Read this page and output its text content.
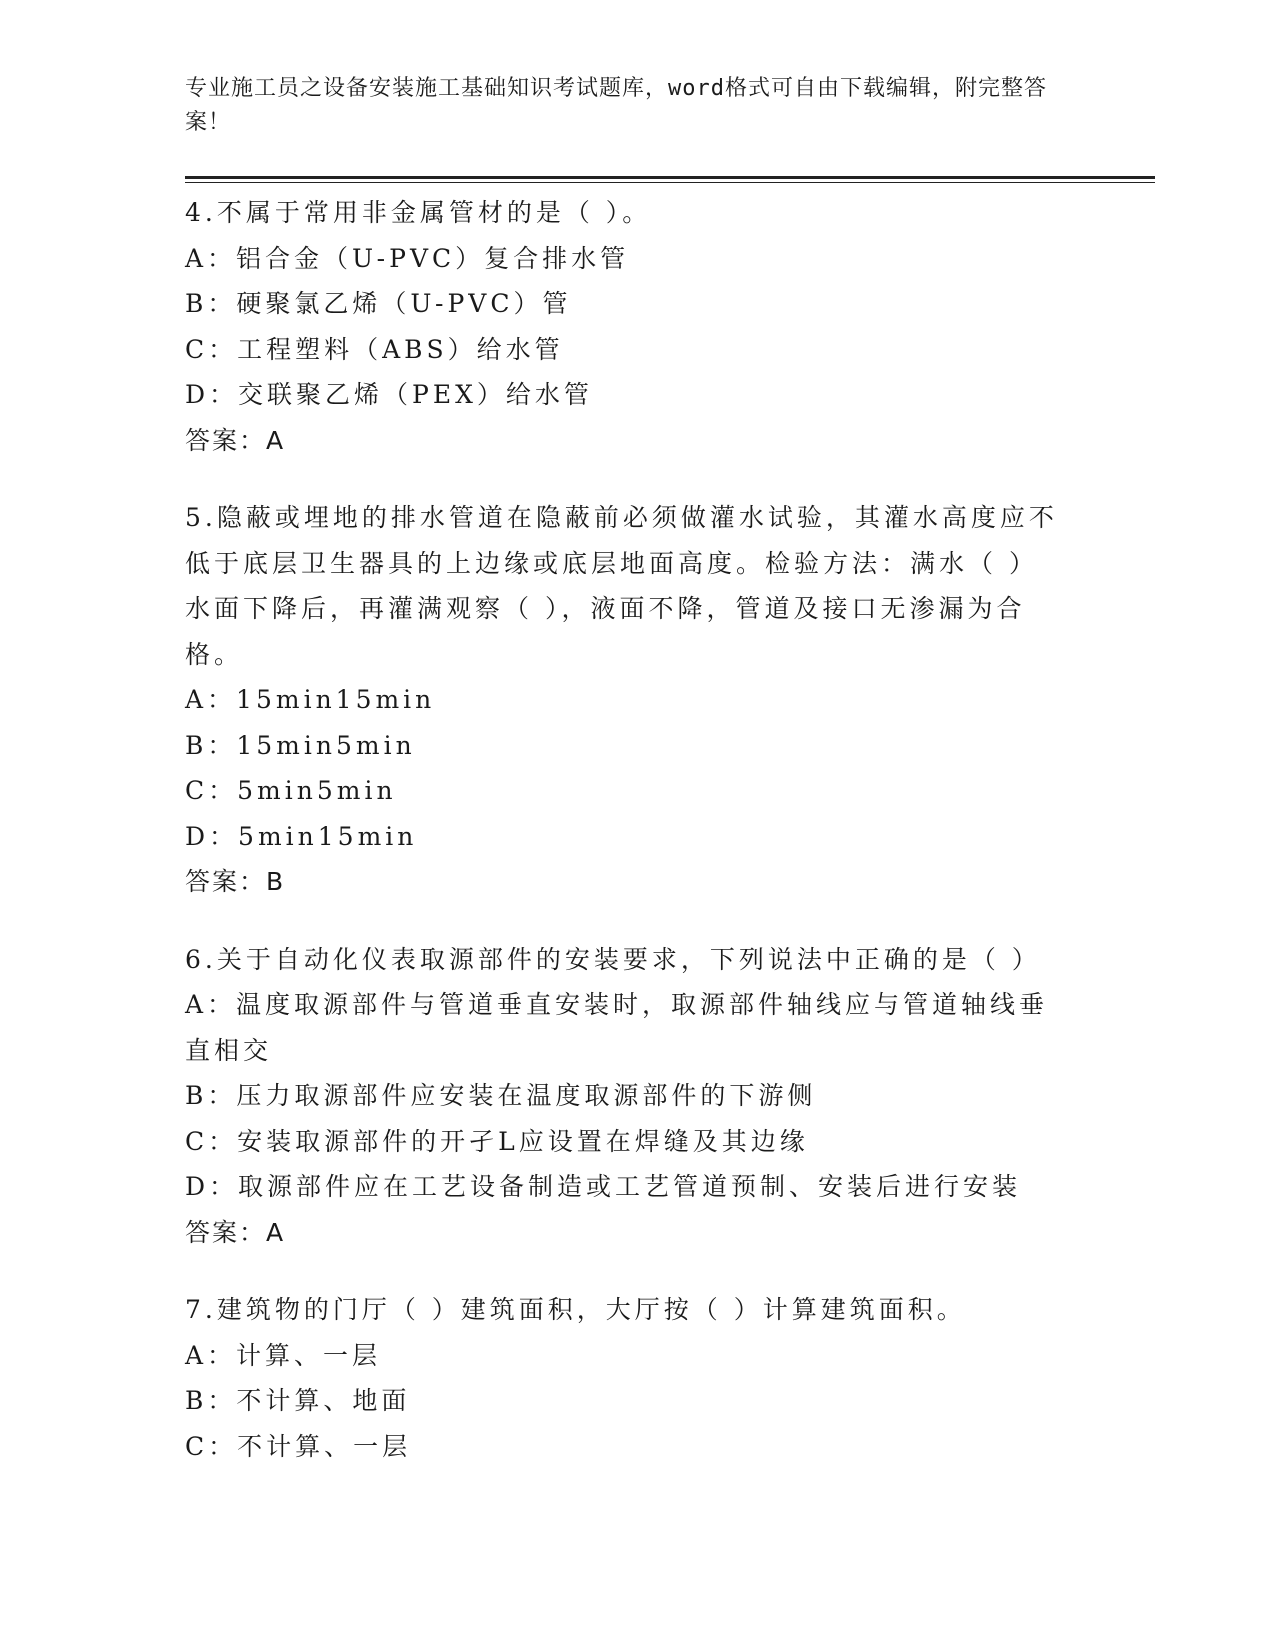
专业施工员之设备安装施工基础知识考试题库，word格式可自由下载编辑，附完整答案！
4.不属于常用非金属管材的是（ ）。
A：铝合金（U-PVC）复合排水管
B：硬聚氯乙烯（U-PVC）管
C：工程塑料（ABS）给水管
D：交联聚乙烯（PEX）给水管
答案：A
5.隐蔽或埋地的排水管道在隐蔽前必须做灌水试验，其灌水高度应不低于底层卫生器具的上边缘或底层地面高度。检验方法：满水（ ）水面下降后，再灌满观察（ ），液面不降，管道及接口无渗漏为合格。
A：15min15min
B：15min5min
C：5min5min
D：5min15min
答案：B
6.关于自动化仪表取源部件的安装要求，下列说法中正确的是（ ）
A：温度取源部件与管道垂直安装时，取源部件轴线应与管道轴线垂直相交
B：压力取源部件应安装在温度取源部件的下游侧
C：安装取源部件的开孑L应设置在焊缝及其边缘
D：取源部件应在工艺设备制造或工艺管道预制、安装后进行安装
答案：A
7.建筑物的门厅（ ）建筑面积，大厅按（ ）计算建筑面积。
A：计算、一层
B：不计算、地面
C：不计算、一层
